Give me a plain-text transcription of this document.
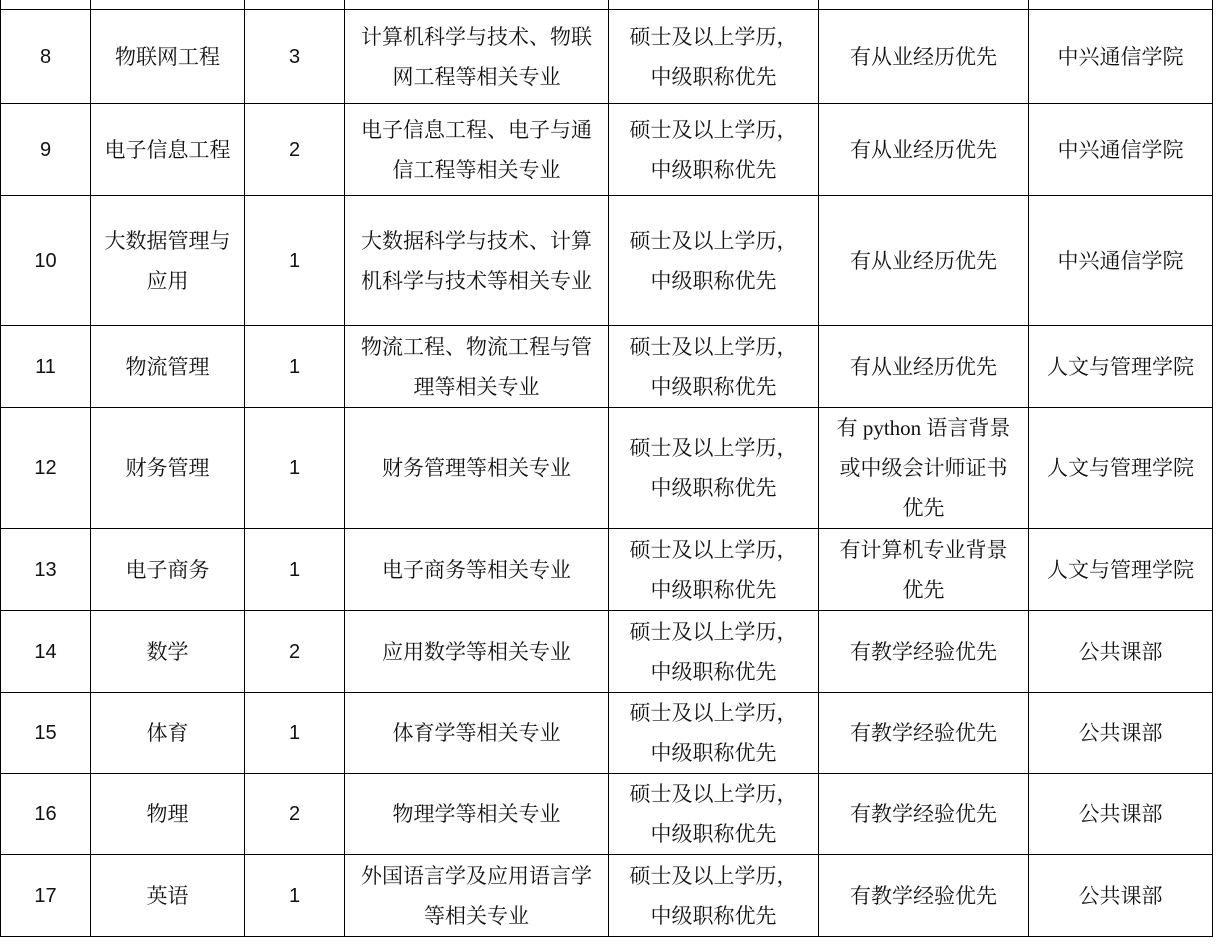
8	物联网工程	3	计算机科学与技术、物联网工程等相关专业	硕士及以上学历，中级职称优先	有从业经历优先	中兴通信学院
9	电子信息工程	2	电子信息工程、电子与通信工程等相关专业	硕士及以上学历，中级职称优先	有从业经历优先	中兴通信学院
10	大数据管理与应用	1	大数据科学与技术、计算机科学与技术等相关专业	硕士及以上学历，中级职称优先	有从业经历优先	中兴通信学院
11	物流管理	1	物流工程、物流工程与管理等相关专业	硕士及以上学历，中级职称优先	有从业经历优先	人文与管理学院
12	财务管理	1	财务管理等相关专业	硕士及以上学历，中级职称优先	有 python 语言背景或中级会计师证书优先	人文与管理学院
13	电子商务	1	电子商务等相关专业	硕士及以上学历，中级职称优先	有计算机专业背景优先	人文与管理学院
14	数学	2	应用数学等相关专业	硕士及以上学历，中级职称优先	有教学经验优先	公共课部
15	体育	1	体育学等相关专业	硕士及以上学历，中级职称优先	有教学经验优先	公共课部
16	物理	2	物理学等相关专业	硕士及以上学历，中级职称优先	有教学经验优先	公共课部
17	英语	1	外国语言学及应用语言学等相关专业	硕士及以上学历，中级职称优先	有教学经验优先	公共课部
